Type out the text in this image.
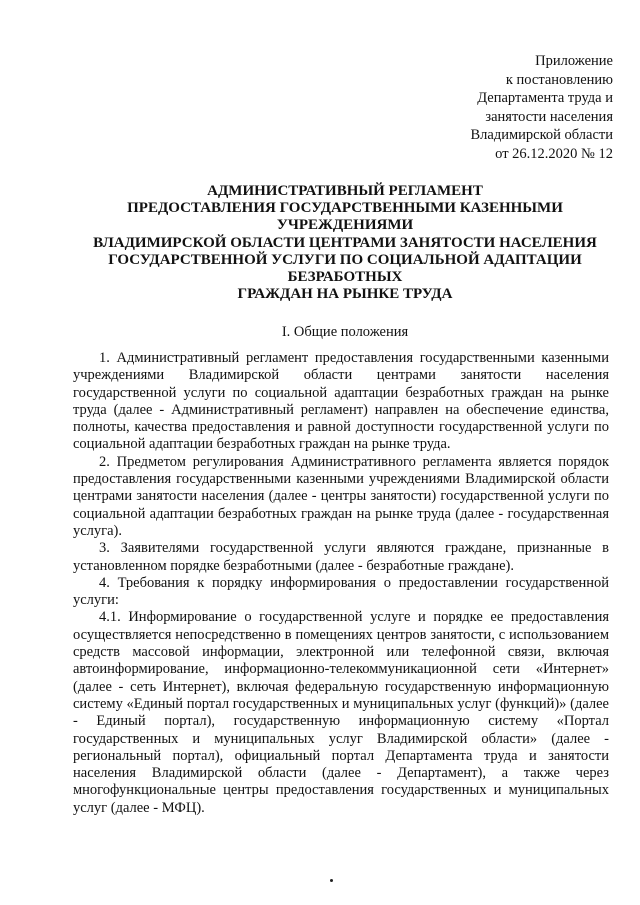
Приложение
к постановлению
Департамента труда и
занятости населения
Владимирской области
от 26.12.2020 № 12
АДМИНИСТРАТИВНЫЙ РЕГЛАМЕНТ
ПРЕДОСТАВЛЕНИЯ ГОСУДАРСТВЕННЫМИ КАЗЕННЫМИ
УЧРЕЖДЕНИЯМИ
ВЛАДИМИРСКОЙ ОБЛАСТИ ЦЕНТРАМИ ЗАНЯТОСТИ НАСЕЛЕНИЯ
ГОСУДАРСТВЕННОЙ УСЛУГИ ПО СОЦИАЛЬНОЙ АДАПТАЦИИ
БЕЗРАБОТНЫХ
ГРАЖДАН НА РЫНКЕ ТРУДА
I. Общие положения

1. Административный регламент предоставления государственными казенными учреждениями Владимирской области центрами занятости населения государственной услуги по социальной адаптации безработных граждан на рынке труда (далее - Административный регламент) направлен на обеспечение единства, полноты, качества предоставления и равной доступности государственной услуги по социальной адаптации безработных граждан на рынке труда.

2. Предметом регулирования Административного регламента является порядок предоставления государственными казенными учреждениями Владимирской области центрами занятости населения (далее - центры занятости) государственной услуги по социальной адаптации безработных граждан на рынке труда (далее - государственная услуга).

3. Заявителями государственной услуги являются граждане, признанные в установленном порядке безработными (далее - безработные граждане).

4. Требования к порядку информирования о предоставлении государственной услуги:

4.1. Информирование о государственной услуге и порядке ее предоставления осуществляется непосредственно в помещениях центров занятости, с использованием средств массовой информации, электронной или телефонной связи, включая автоинформирование, информационно-телекоммуникационной сети «Интернет» (далее - сеть Интернет), включая федеральную государственную информационную систему «Единый портал государственных и муниципальных услуг (функций)» (далее - Единый портал), государственную информационную систему «Портал государственных и муниципальных услуг Владимирской области» (далее - региональный портал), официальный портал Департамента труда и занятости населения Владимирской области (далее - Департамент), а также через многофункциональные центры предоставления государственных и муниципальных услуг (далее - МФЦ).
